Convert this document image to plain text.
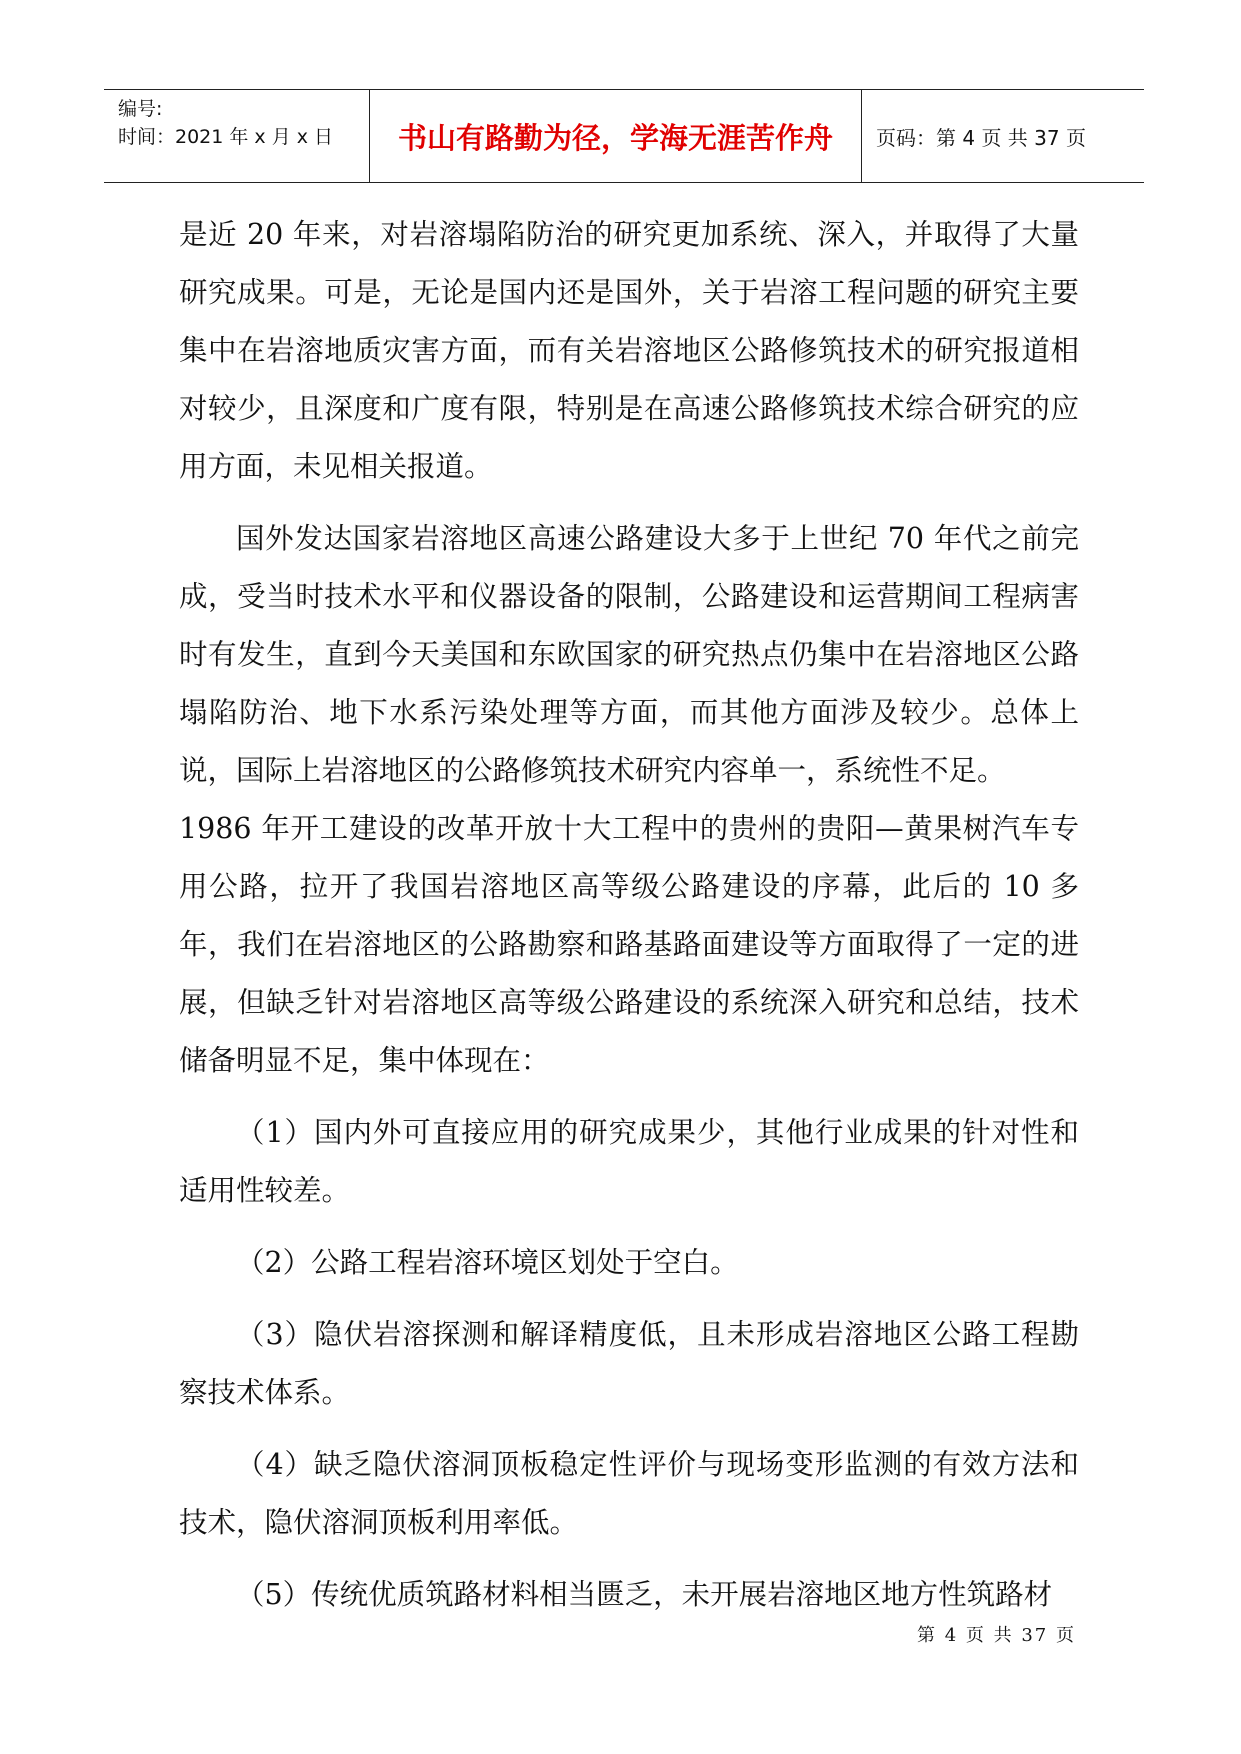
编号:
时间：2021 年 x 月 x 日	书山有路勤为径，学海无涯苦作舟	页码：第 4 页 共 37 页

是近 20 年来，对岩溶塌陷防治的研究更加系统、深入，并取得了大量研究成果。可是，无论是国内还是国外，关于岩溶工程问题的研究主要集中在岩溶地质灾害方面，而有关岩溶地区公路修筑技术的研究报道相对较少，且深度和广度有限，特别是在高速公路修筑技术综合研究的应用方面，未见相关报道。

国外发达国家岩溶地区高速公路建设大多于上世纪 70 年代之前完成，受当时技术水平和仪器设备的限制，公路建设和运营期间工程病害时有发生，直到今天美国和东欧国家的研究热点仍集中在岩溶地区公路塌陷防治、地下水系污染处理等方面，而其他方面涉及较少。总体上说，国际上岩溶地区的公路修筑技术研究内容单一，系统性不足。

1986 年开工建设的改革开放十大工程中的贵州的贵阳—黄果树汽车专用公路，拉开了我国岩溶地区高等级公路建设的序幕，此后的 10 多年，我们在岩溶地区的公路勘察和路基路面建设等方面取得了一定的进展，但缺乏针对岩溶地区高等级公路建设的系统深入研究和总结，技术储备明显不足，集中体现在：

（1）国内外可直接应用的研究成果少，其他行业成果的针对性和适用性较差。

（2）公路工程岩溶环境区划处于空白。

（3）隐伏岩溶探测和解译精度低，且未形成岩溶地区公路工程勘察技术体系。

（4）缺乏隐伏溶洞顶板稳定性评价与现场变形监测的有效方法和技术，隐伏溶洞顶板利用率低。

（5）传统优质筑路材料相当匮乏，未开展岩溶地区地方性筑路材

第 4 页 共 37 页
